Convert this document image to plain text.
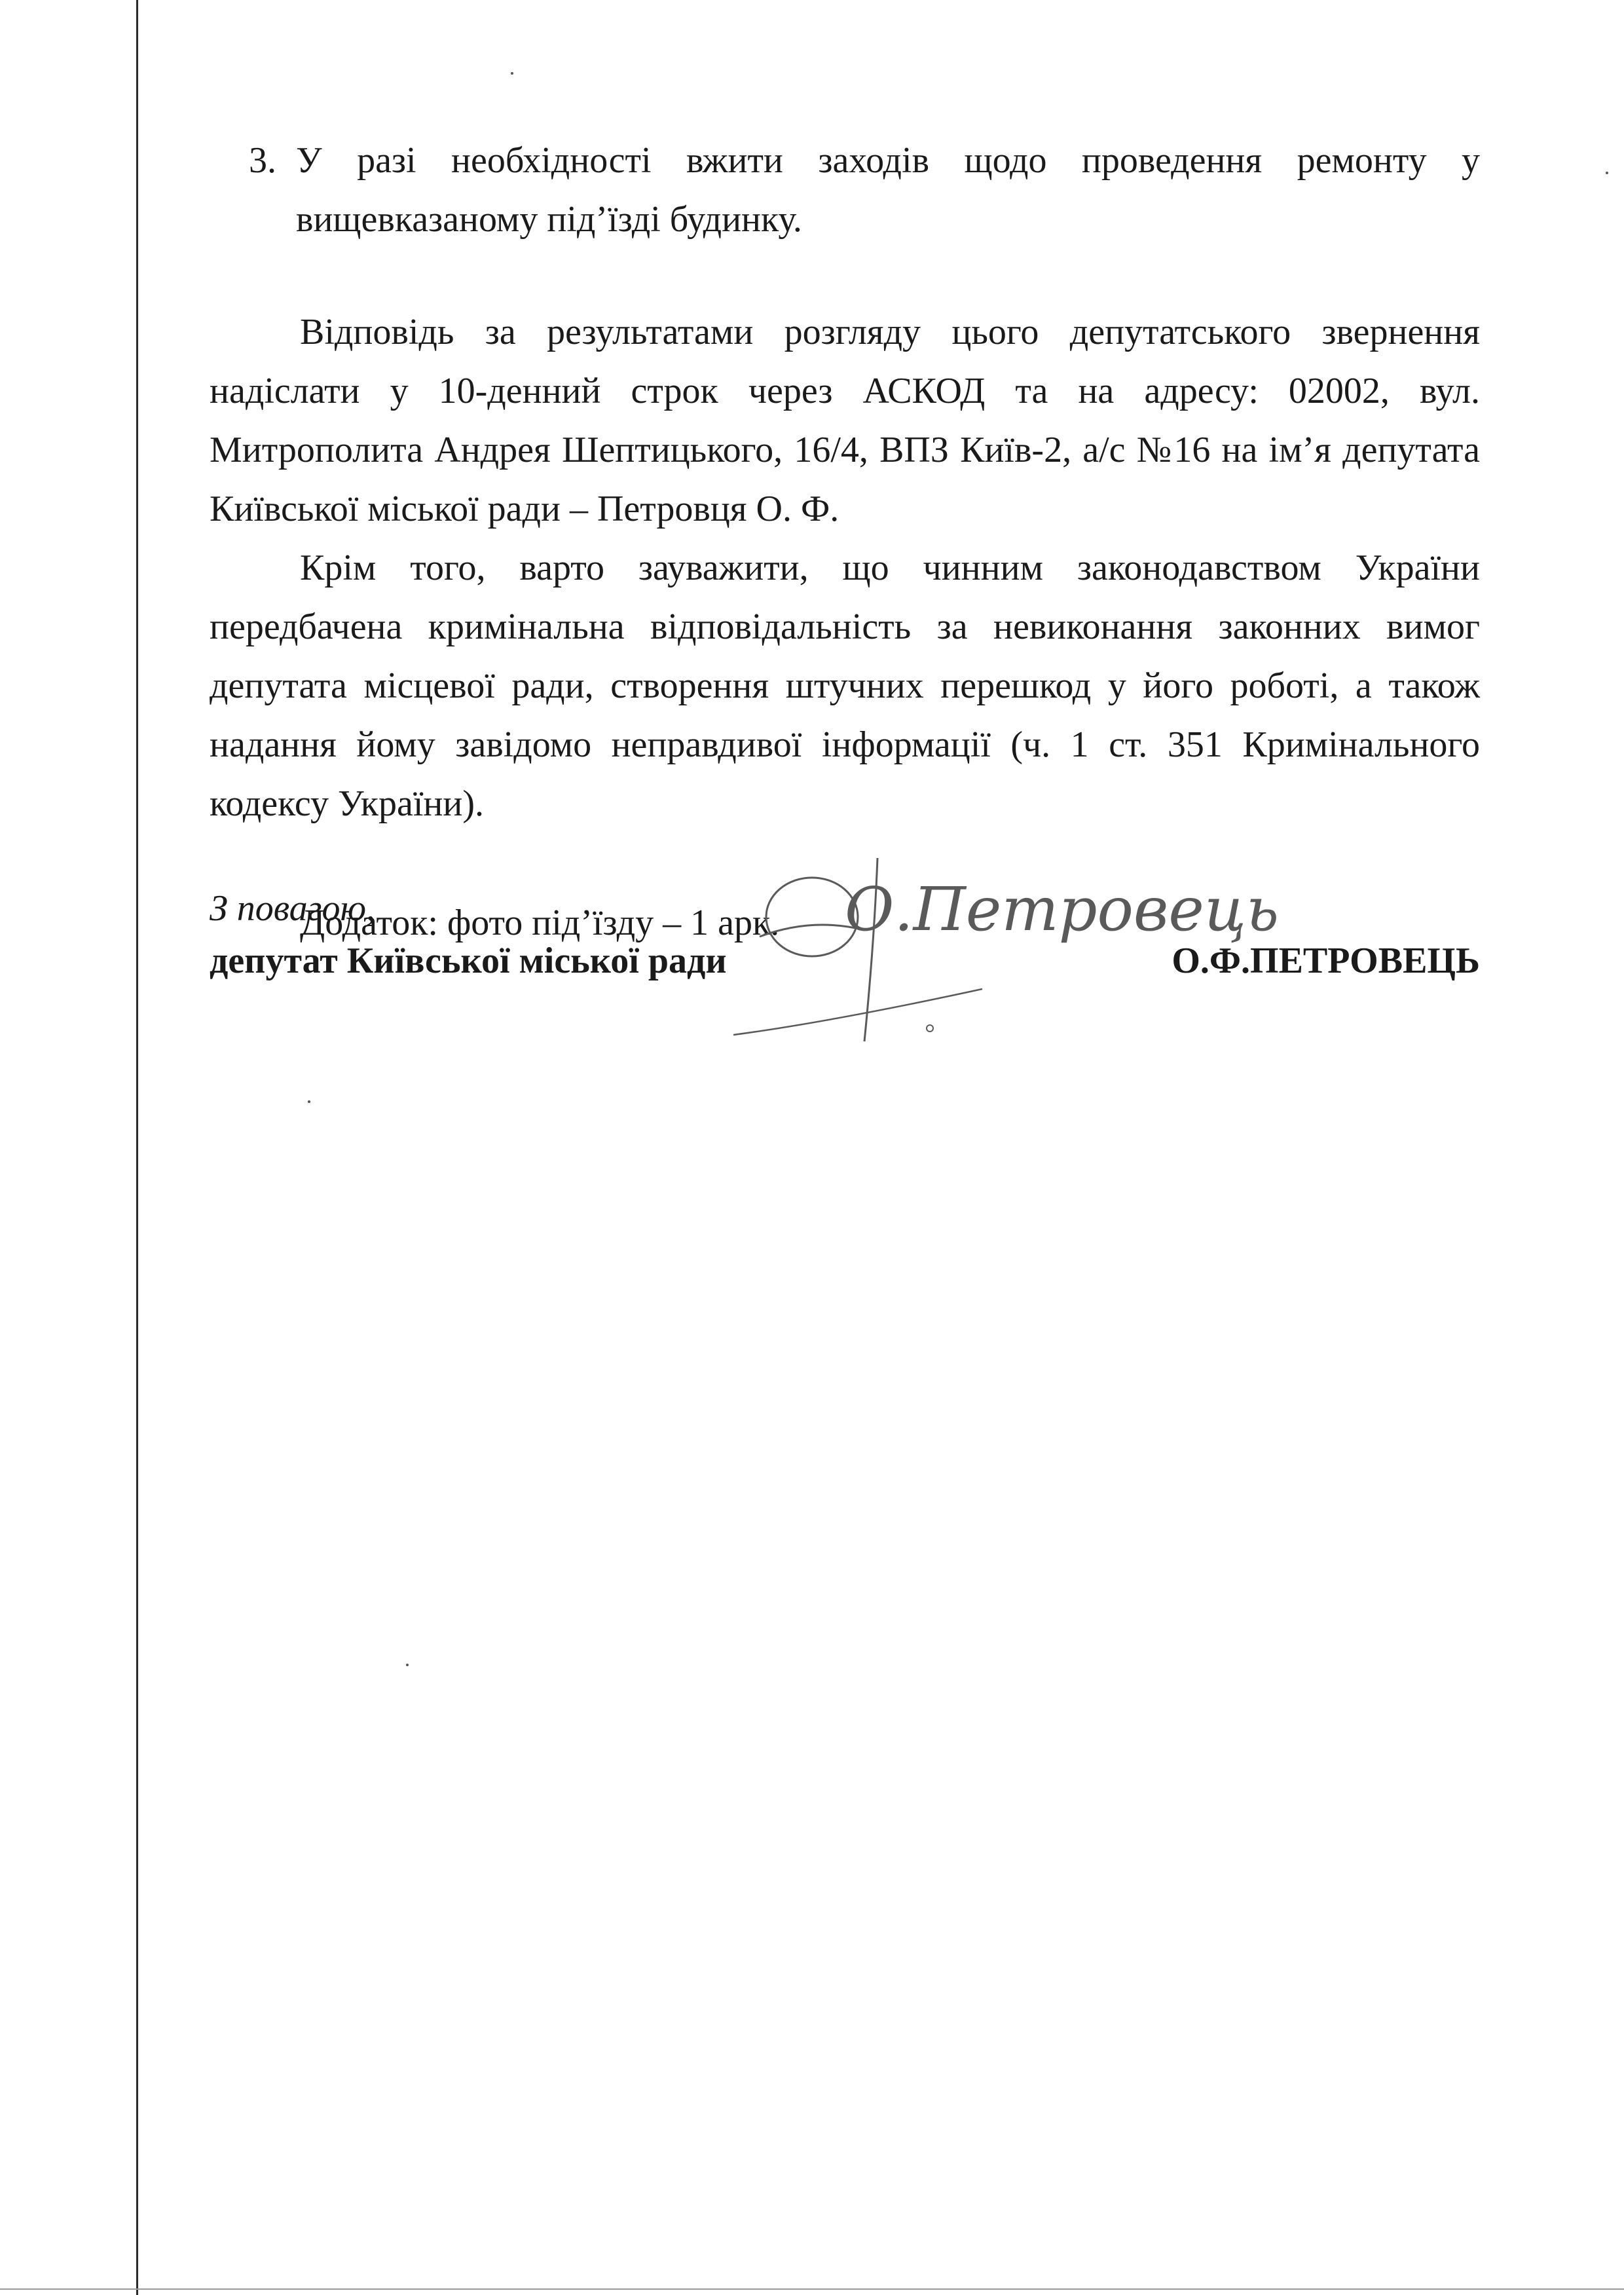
3. У разі необхідності вжити заходів щодо проведення ремонту у вищевказаному під’їзді будинку.

Відповідь за результатами розгляду цього депутатського звернення надіслати у 10-денний строк через АСКОД та на адресу: 02002, вул. Митрополита Андрея Шептицького, 16/4, ВПЗ Київ-2, а/с №16 на ім’я депутата Київської міської ради – Петровця О. Ф.

Крім того, варто зауважити, що чинним законодавством України передбачена кримінальна відповідальність за невиконання законних вимог депутата місцевої ради, створення штучних перешкод у його роботі, а також надання йому завідомо неправдивої інформації (ч. 1 ст. 351 Кримінального кодексу України).

Додаток: фото під’їзду – 1 арк.
З повагою,
депутат Київської міської ради	О.Ф.ПЕТРОВЕЦЬ
О.Петровець
